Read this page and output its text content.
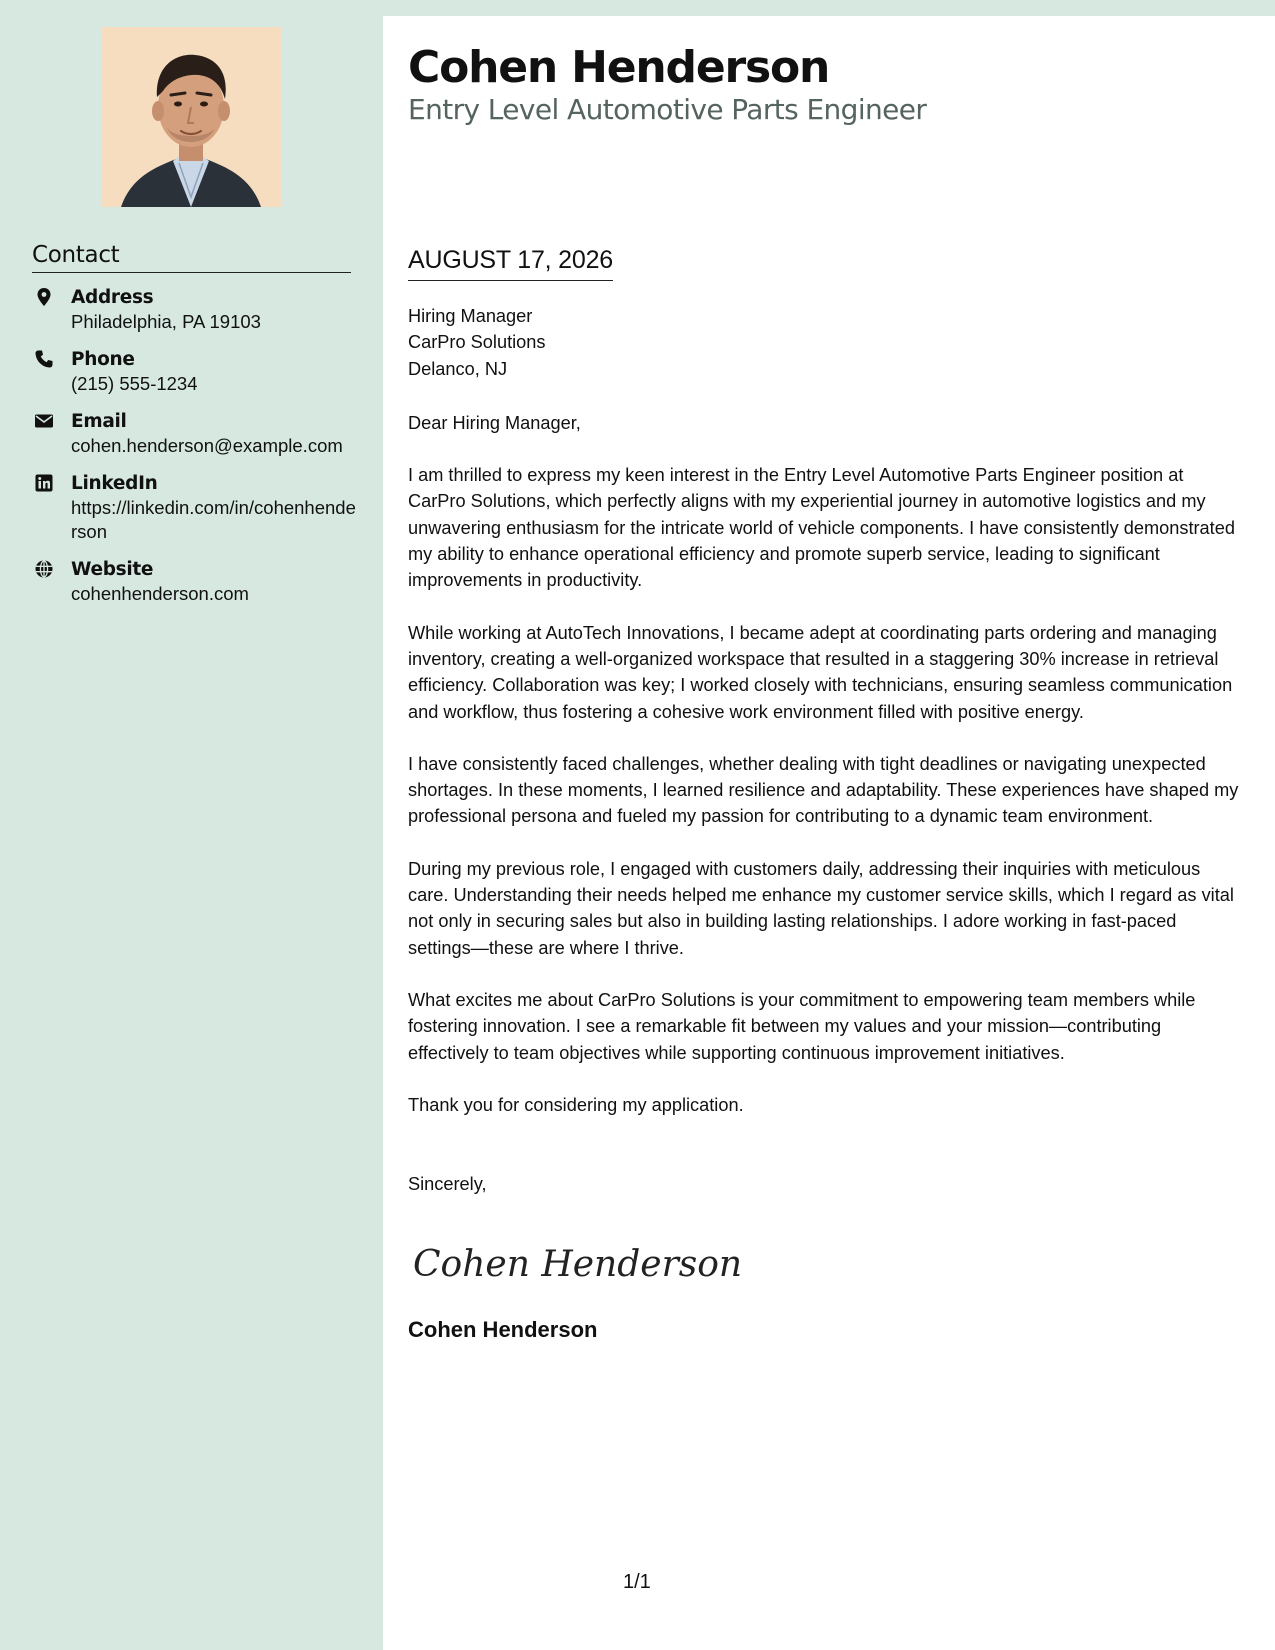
Contact
Address
Philadelphia, PA 19103
Phone
(215) 555-1234
Email
cohen.henderson@example.com
LinkedIn
https://linkedin.com/in/cohenhenderson
Website
cohenhenderson.com
Cohen Henderson
Entry Level Automotive Parts Engineer
AUGUST 17, 2026
Hiring Manager
CarPro Solutions
Delanco, NJ
Dear Hiring Manager,
I am thrilled to express my keen interest in the Entry Level Automotive Parts Engineer position at CarPro Solutions, which perfectly aligns with my experiential journey in automotive logistics and my unwavering enthusiasm for the intricate world of vehicle components. I have consistently demonstrated my ability to enhance operational efficiency and promote superb service, leading to significant improvements in productivity.
While working at AutoTech Innovations, I became adept at coordinating parts ordering and managing inventory, creating a well-organized workspace that resulted in a staggering 30% increase in retrieval efficiency. Collaboration was key; I worked closely with technicians, ensuring seamless communication and workflow, thus fostering a cohesive work environment filled with positive energy.
I have consistently faced challenges, whether dealing with tight deadlines or navigating unexpected shortages. In these moments, I learned resilience and adaptability. These experiences have shaped my professional persona and fueled my passion for contributing to a dynamic team environment.
During my previous role, I engaged with customers daily, addressing their inquiries with meticulous care. Understanding their needs helped me enhance my customer service skills, which I regard as vital not only in securing sales but also in building lasting relationships. I adore working in fast-paced settings—these are where I thrive.
What excites me about CarPro Solutions is your commitment to empowering team members while fostering innovation. I see a remarkable fit between my values and your mission—contributing effectively to team objectives while supporting continuous improvement initiatives.
Thank you for considering my application.
Sincerely,
Cohen Henderson
Cohen Henderson
1/1
